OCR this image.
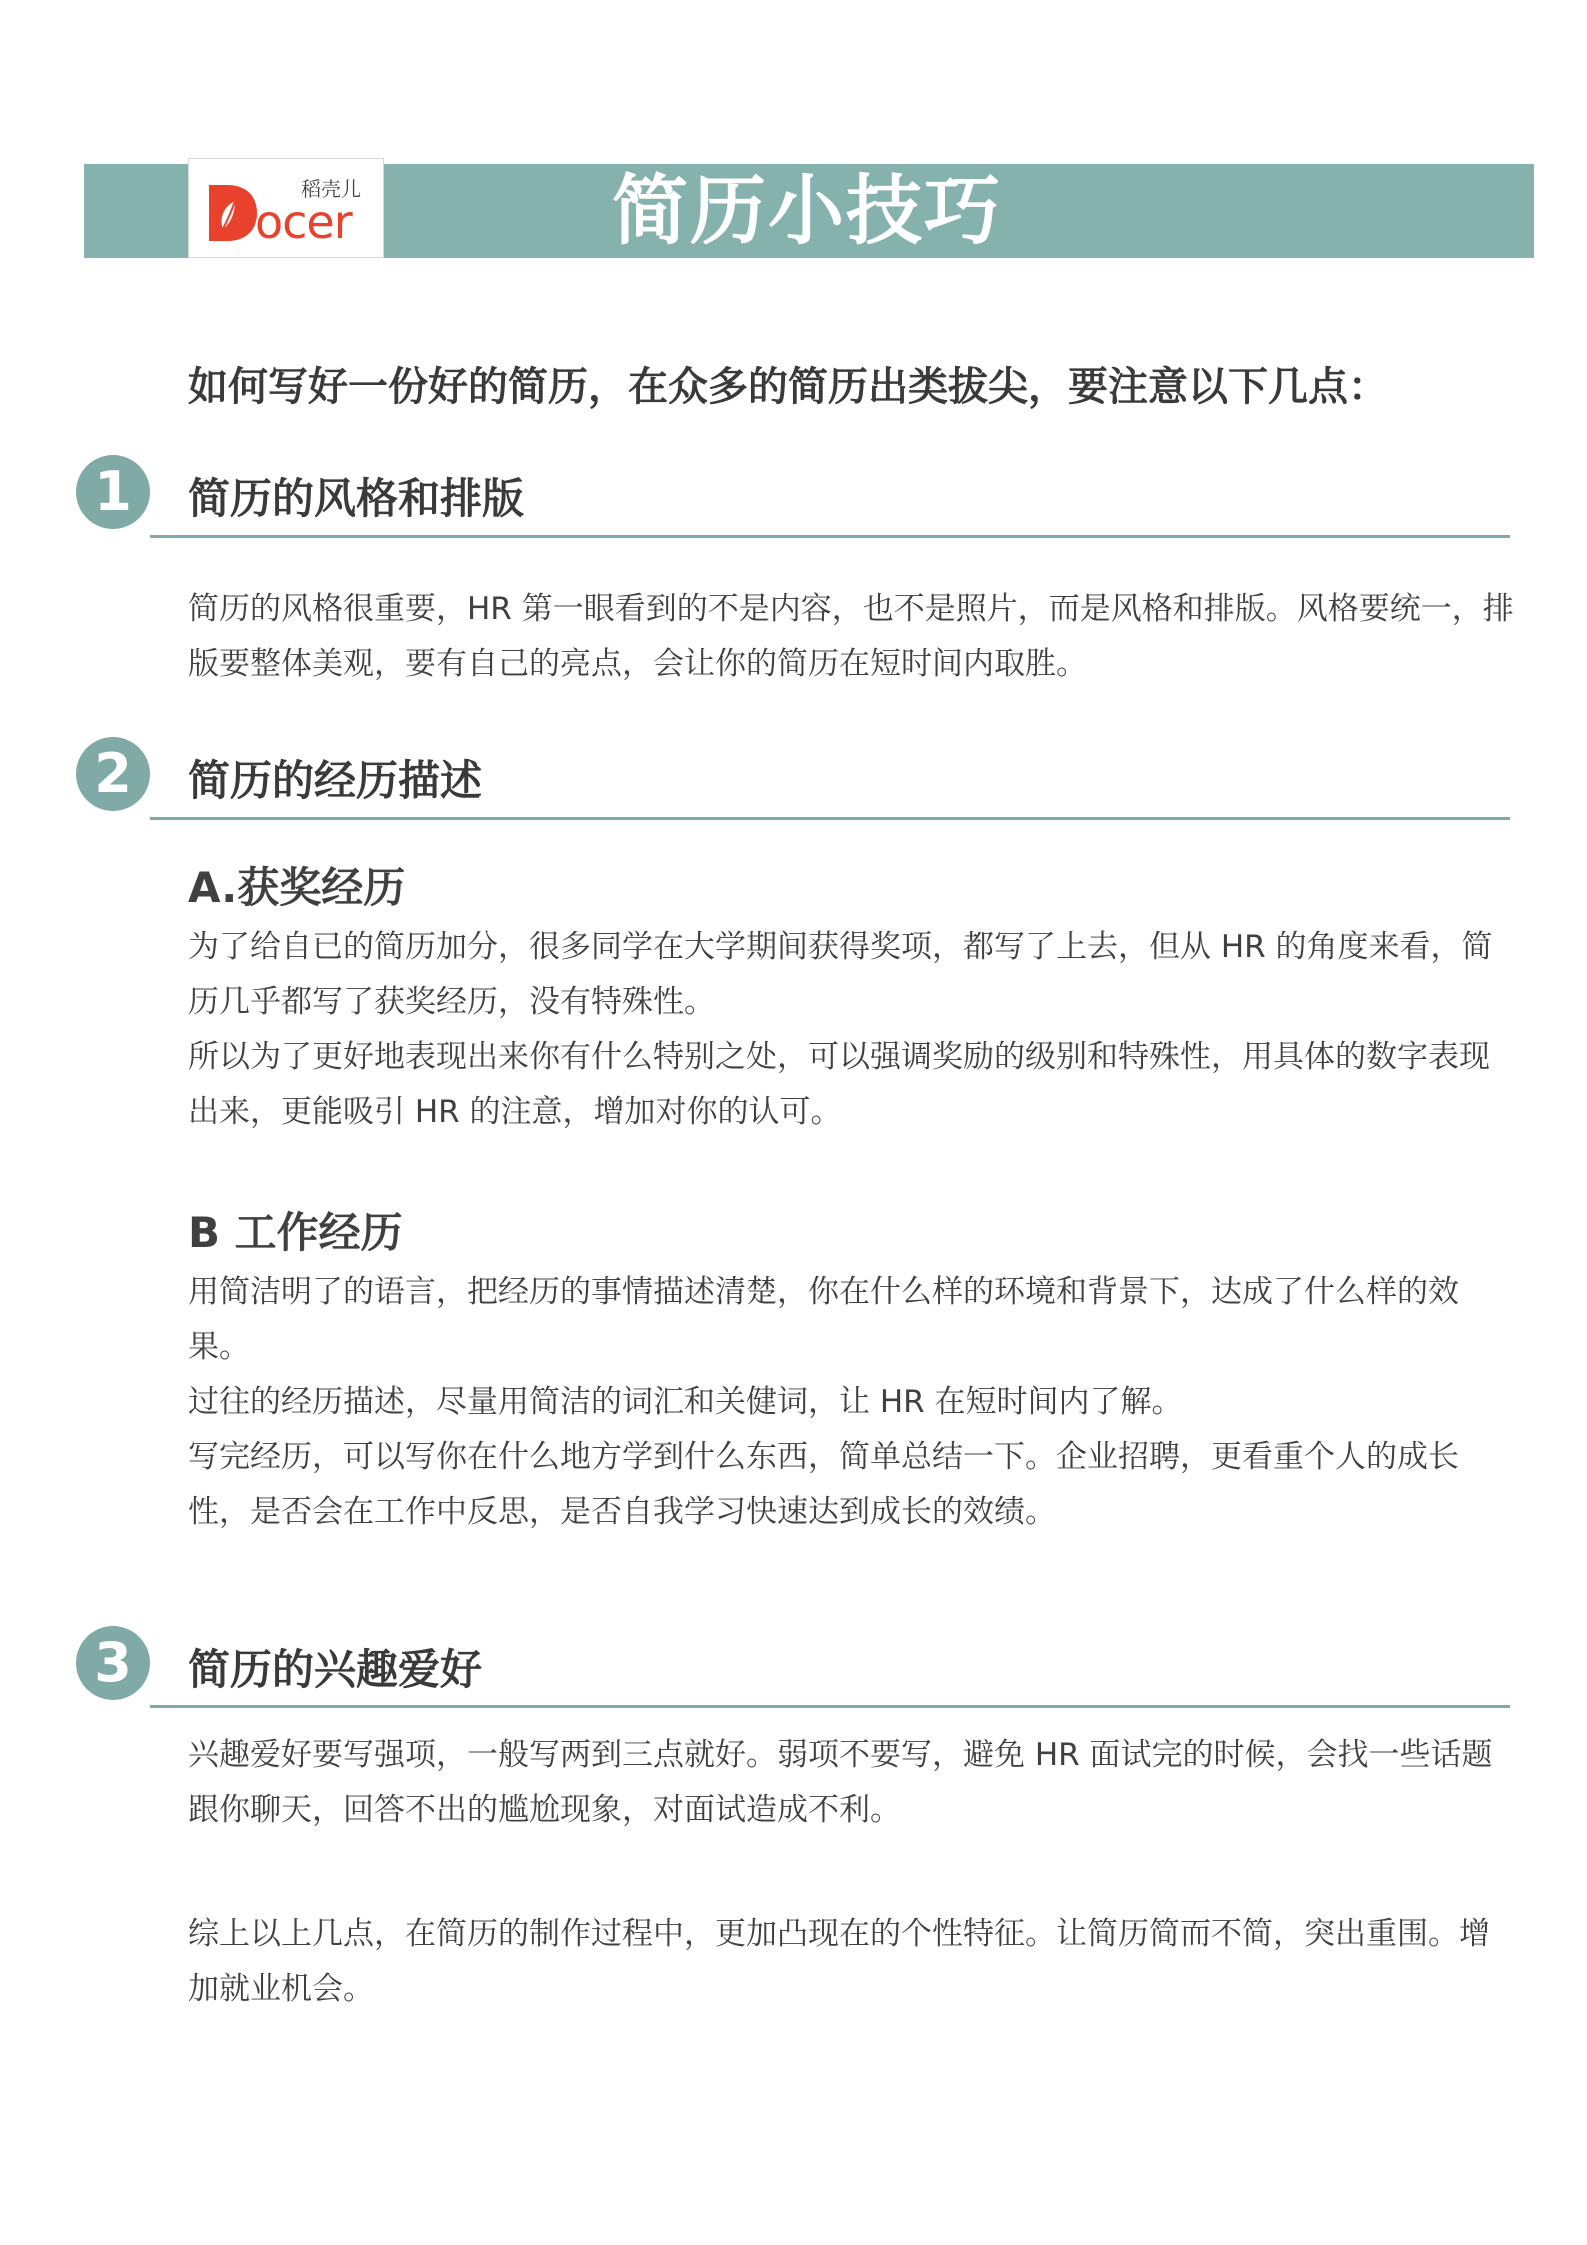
简历小技巧
稻壳儿
ocer
如何写好一份好的简历，在众多的简历出类拔尖，要注意以下几点：
1	简历的风格和排版

简历的风格很重要，HR 第一眼看到的不是内容，也不是照片，而是风格和排版。风格要统一，排版要整体美观，要有自己的亮点，会让你的简历在短时间内取胜。

2	简历的经历描述
A.获奖经历

为了给自已的简历加分，很多同学在大学期间获得奖项，都写了上去，但从 HR 的角度来看，简历几乎都写了获奖经历，没有特殊性。

所以为了更好地表现出来你有什么特别之处，可以强调奖励的级别和特殊性，用具体的数字表现出来，更能吸引 HR 的注意，增加对你的认可。

B 工作经历

用简洁明了的语言，把经历的事情描述清楚，你在什么样的环境和背景下，达成了什么样的效果。

过往的经历描述，尽量用简洁的词汇和关健词，让 HR 在短时间内了解。

写完经历，可以写你在什么地方学到什么东西，简单总结一下。企业招聘，更看重个人的成长性，是否会在工作中反思，是否自我学习快速达到成长的效绩。

3	简历的兴趣爱好

兴趣爱好要写强项，一般写两到三点就好。弱项不要写，避免 HR 面试完的时候，会找一些话题跟你聊天，回答不出的尴尬现象，对面试造成不利。

综上以上几点，在简历的制作过程中，更加凸现在的个性特征。让简历简而不简，突出重围。增加就业机会。
